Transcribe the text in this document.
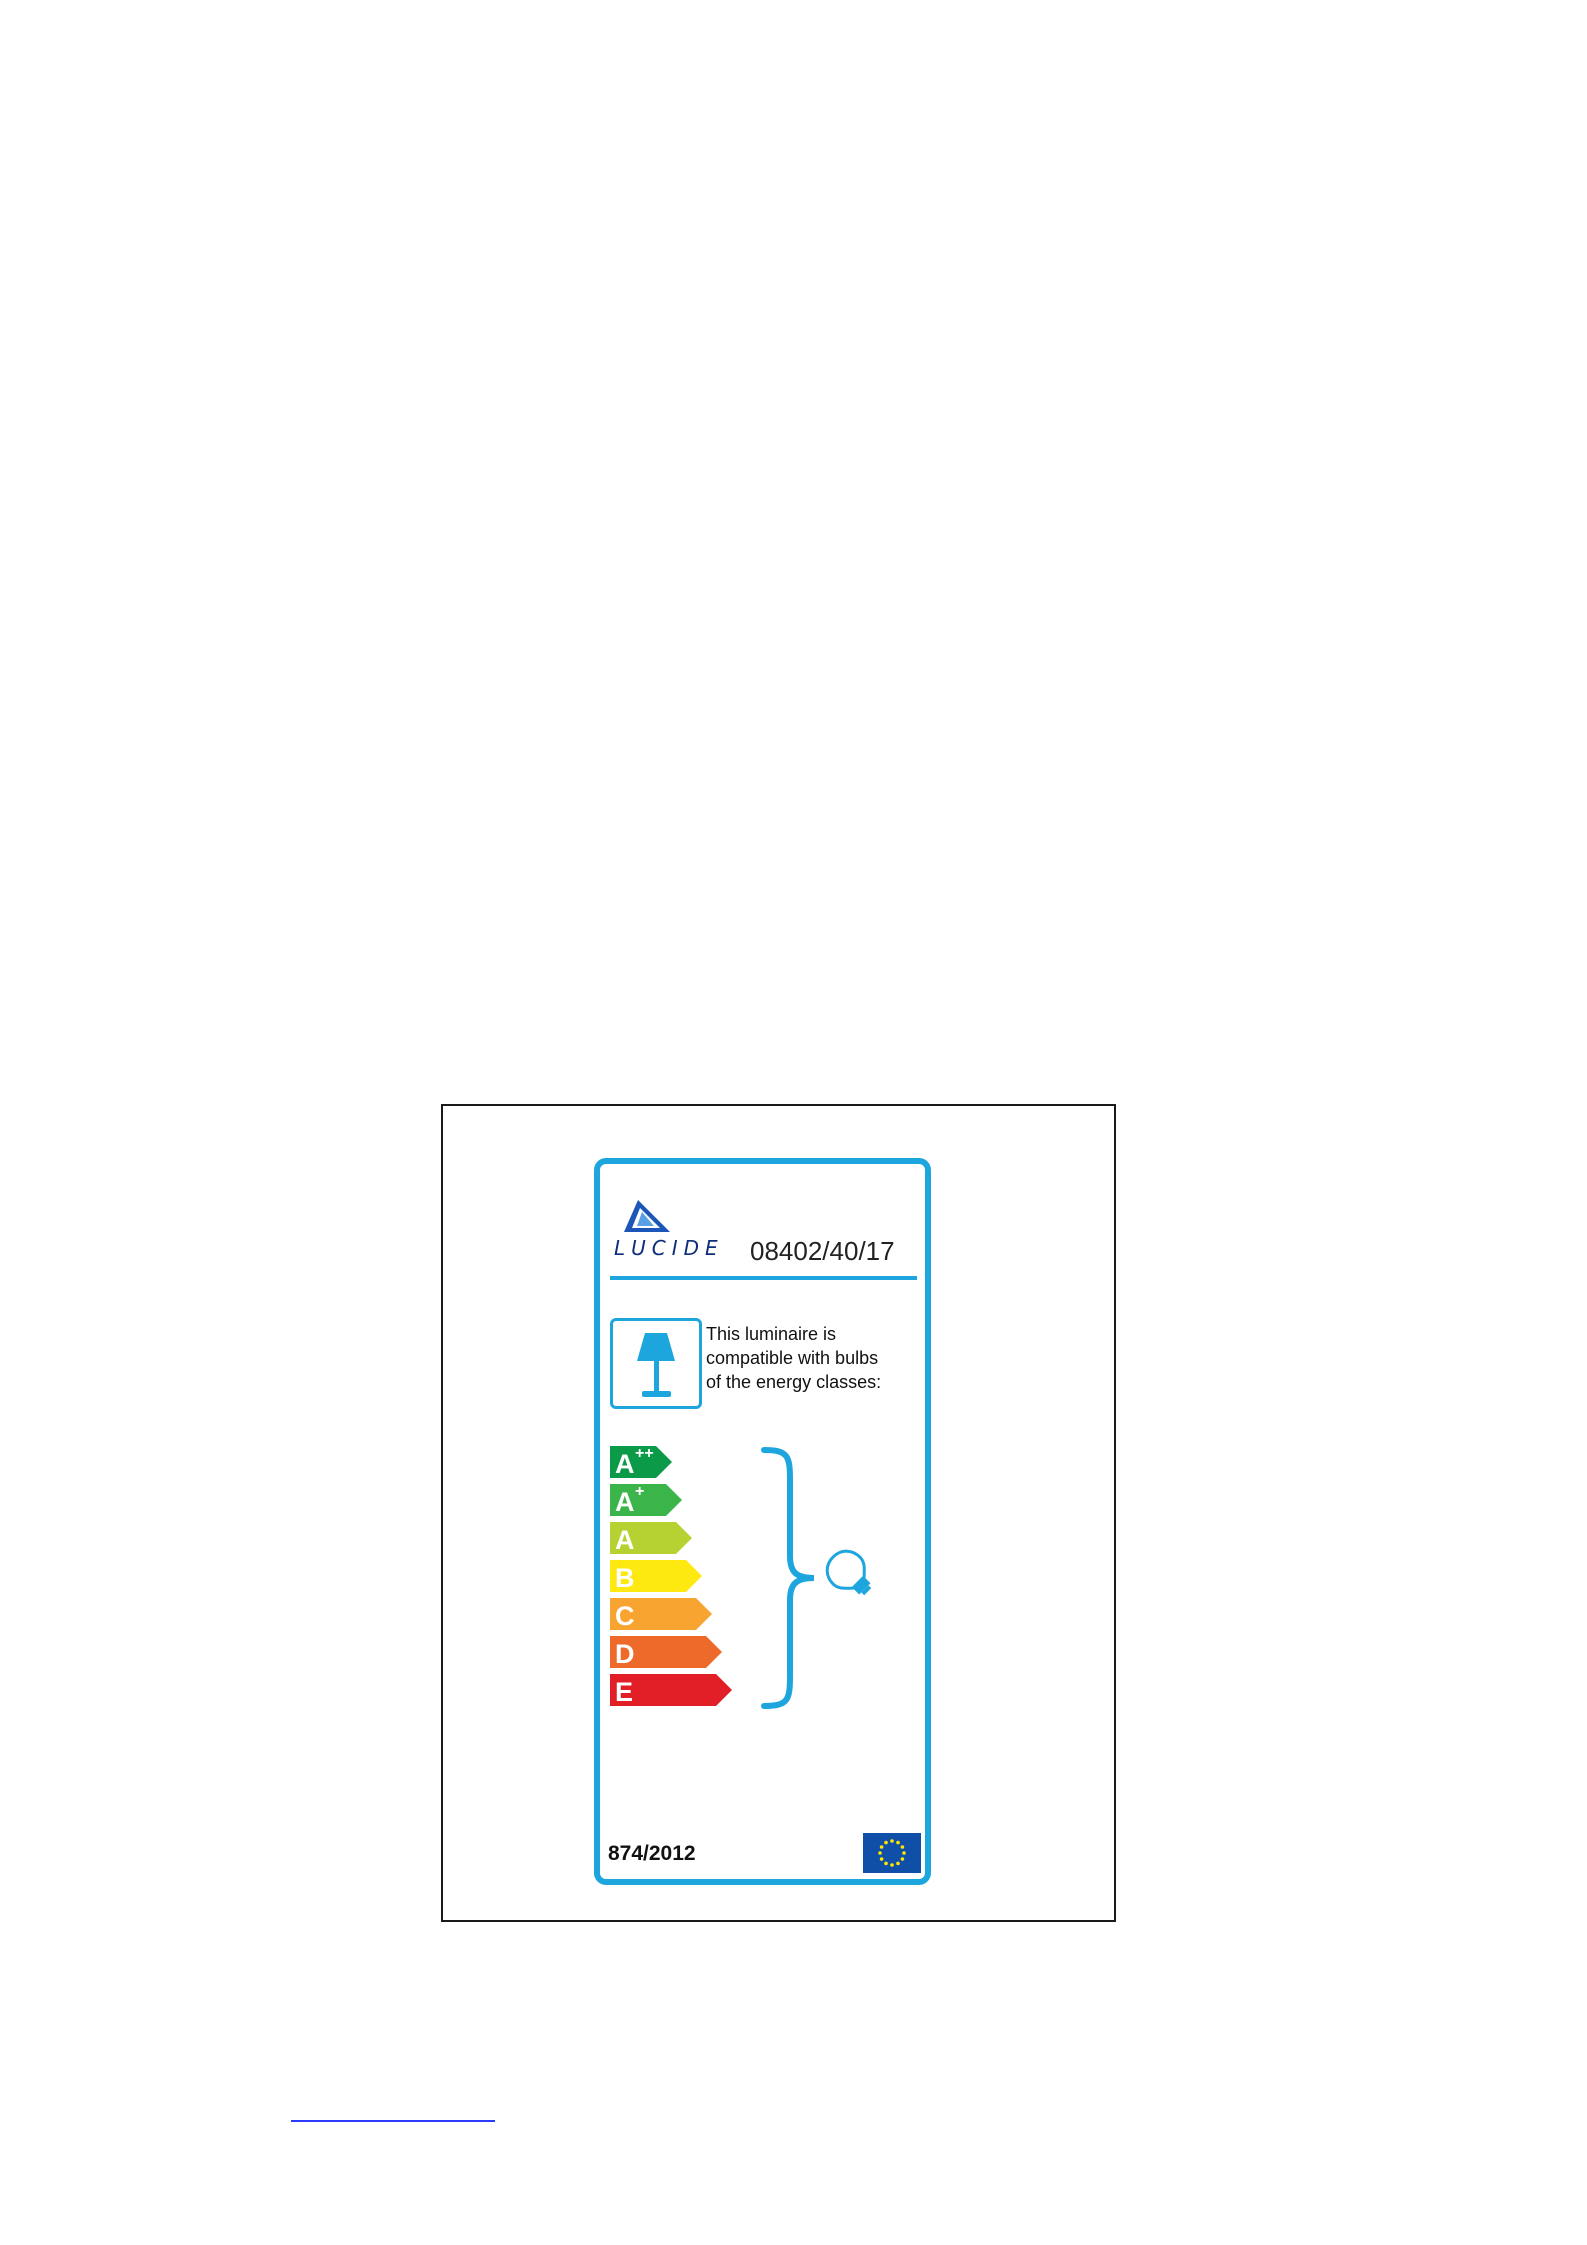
LUCIDE 08402/40/17
This luminaire is
compatible with bulbs
of the energy classes:
A ++
A +
A
B
C
D
E
874/2012
